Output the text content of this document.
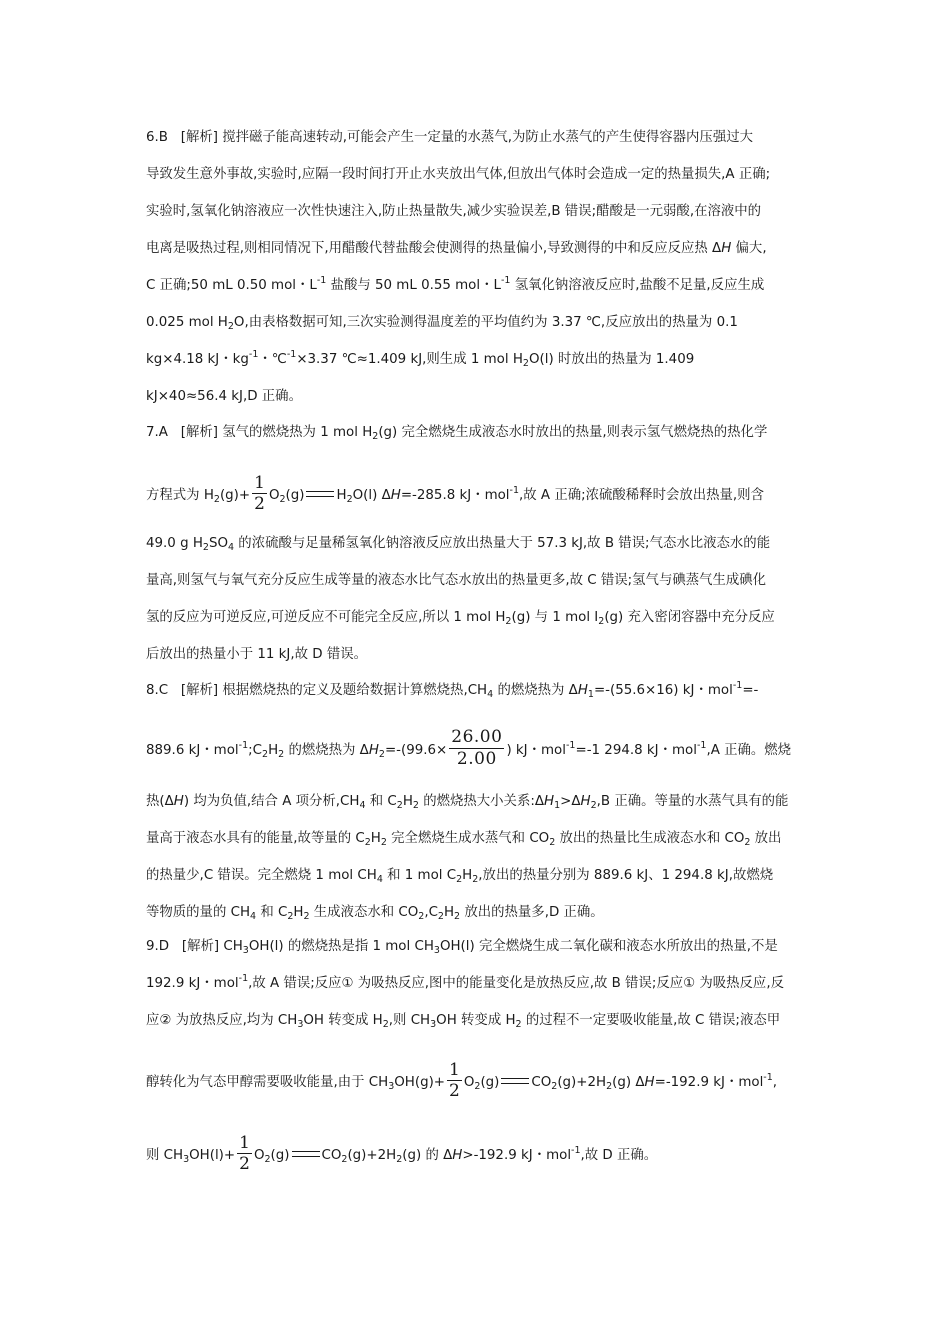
6.B [解析] 搅拌磁子能高速转动,可能会产生一定量的水蒸气,为防止水蒸气的产生使得容器内压强过大
导致发生意外事故,实验时,应隔一段时间打开止水夹放出气体,但放出气体时会造成一定的热量损失,A 正确;
实验时,氢氧化钠溶液应一次性快速注入,防止热量散失,减少实验误差,B 错误;醋酸是一元弱酸,在溶液中的
电离是吸热过程,则相同情况下,用醋酸代替盐酸会使测得的热量偏小,导致测得的中和反应反应热 ΔH 偏大,
C 正确;50 mL 0.50 mol・$L^{-1}$ 盐酸与 50 mL 0.55 mol・$L^{-1}$ 氢氧化钠溶液反应时,盐酸不足量,反应生成
0.025 mol $H_2O$,由表格数据可知,三次实验测得温度差的平均值约为 3.37 ℃,反应放出的热量为 0.1
kg×4.18 kJ・$kg^{-1}$・℃$^{-1}$×3.37 ℃≈1.409 kJ,则生成 1 mol $H_2O(l)$ 时放出的热量为 1.409
kJ×40≈56.4 kJ,D 正确。
7.A [解析] 氢气的燃烧热为 1 mol $H_2(g)$ 完全燃烧生成液态水时放出的热量,则表示氢气燃烧热的热化学
方程式为 $H_2(g)+ \frac{1}{2} O_2(g)$ $H_2O(l)$ ΔH=-285.8 kJ・mol$^{-1}$,故 A 正确;浓硫酸稀释时会放出热量,则含
49.0 g $H_2SO_4$ 的浓硫酸与足量稀氢氧化钠溶液反应放出热量大于 57.3 kJ,故 B 错误;气态水比液态水的能
量高,则氢气与氧气充分反应生成等量的液态水比气态水放出的热量更多,故 C 错误;氢气与碘蒸气生成碘化
氢的反应为可逆反应,可逆反应不可能完全反应,所以 1 mol $H_2(g)$ 与 1 mol $I_2(g)$ 充入密闭容器中充分反应
后放出的热量小于 11 kJ,故 D 错误。
8.C [解析] 根据燃烧热的定义及题给数据计算燃烧热$,CH_4$ 的燃烧热为 $\Delta H_1=-(55.6\times 16)$ kJ・mol$^{-1}$=-
889.6 kJ・$mol^{-1};C_2H_2$ 的燃烧热为 $\Delta H_2=-(99.6\times \frac{26.00}{2.00}$ ) kJ・mol$^{-1}$=-1 294.8 kJ・mol$^{-1}$,A 正确。燃烧
热(ΔH) 均为负值,结合 A 项分析$,CH_4$ 和 $C_2H_2$ 的燃烧热大小关系$:\Delta H_1>\Delta H_2,B$ 正确。等量的水蒸气具有的能
量高于液态水具有的能量,故等量的 $C_2H_2$ 完全燃烧生成水蒸气和 $CO_2$ 放出的热量比生成液态水和 $CO_2$ 放出
的热量少,C 错误。完全燃烧 1 mol $CH_4$ 和 1 mol $C_2H_2$,放出的热量分别为 889.6 kJ、1 294.8 kJ,故燃烧
等物质的量的 $CH_4$ 和 $C_2H_2$ 生成液态水和 $CO_2,C_2H_2$ 放出的热量多,D 正确。
9.D [解析] $CH_3OH(l)$ 的燃烧热是指 1 mol $CH_3OH(l)$ 完全燃烧生成二氧化碳和液态水所放出的热量,不是
192.9 kJ・mol$^{-1}$,故 A 错误;反应① 为吸热反应,图中的能量变化是放热反应,故 B 错误;反应① 为吸热反应,反
应② 为放热反应,均为 $CH_3OH$ 转变成 $H_2$,则 $CH_3OH$ 转变成 $H_2$ 的过程不一定要吸收能量,故 C 错误;液态甲
醇转化为气态甲醇需要吸收能量,由于 $CH_3OH(g)+ \frac{1}{2} O_2(g)$ $CO_2(g)+2H_2(g)$ ΔH=-192.9 kJ・mol$^{-1}$,
则 $CH_3OH(l)+ \frac{1}{2} O_2(g)$ $CO_2(g)+2H_2(g)$ 的 ΔH>-192.9 kJ・mol$^{-1}$,故 D 正确。
